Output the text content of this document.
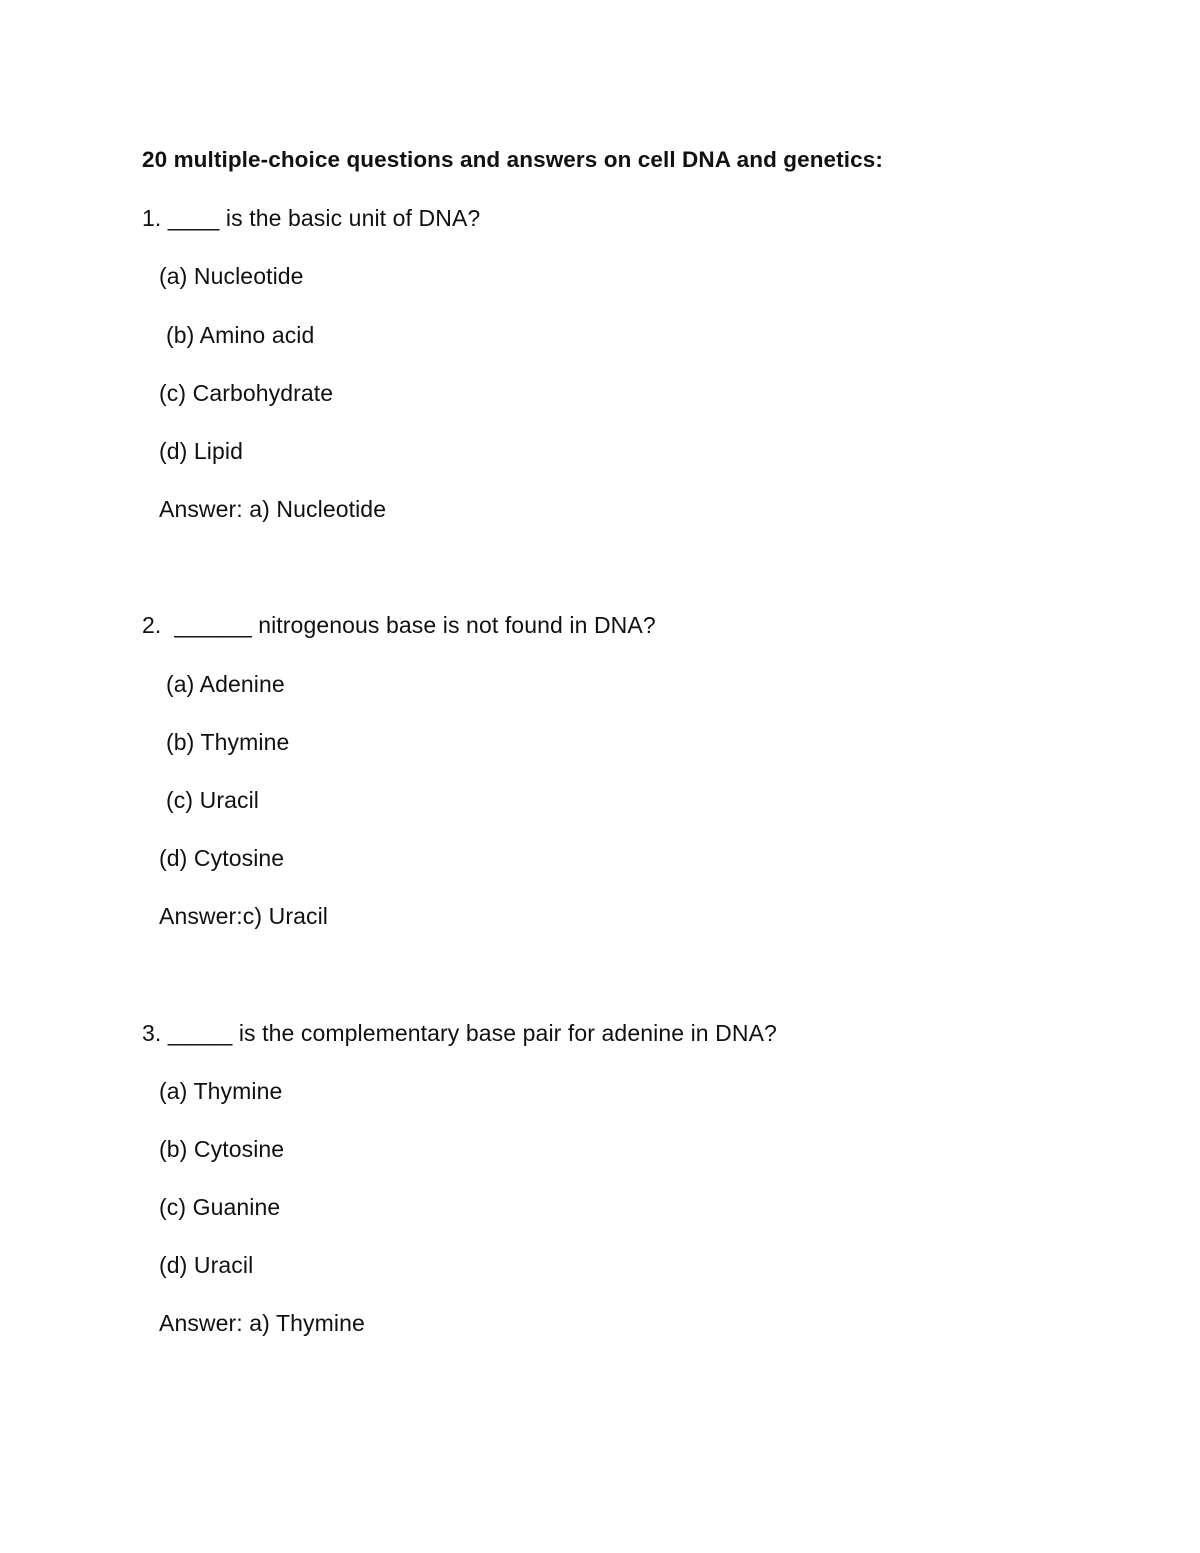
20 multiple-choice questions and answers on cell DNA and genetics:
1. ____ is the basic unit of DNA?
(a) Nucleotide
(b) Amino acid
(c) Carbohydrate
(d) Lipid
Answer: a) Nucleotide
2.  ______ nitrogenous base is not found in DNA?
(a) Adenine
(b) Thymine
(c) Uracil
(d) Cytosine
Answer:c) Uracil
3. _____ is the complementary base pair for adenine in DNA?
(a) Thymine
(b) Cytosine
(c) Guanine
(d) Uracil
Answer: a) Thymine
